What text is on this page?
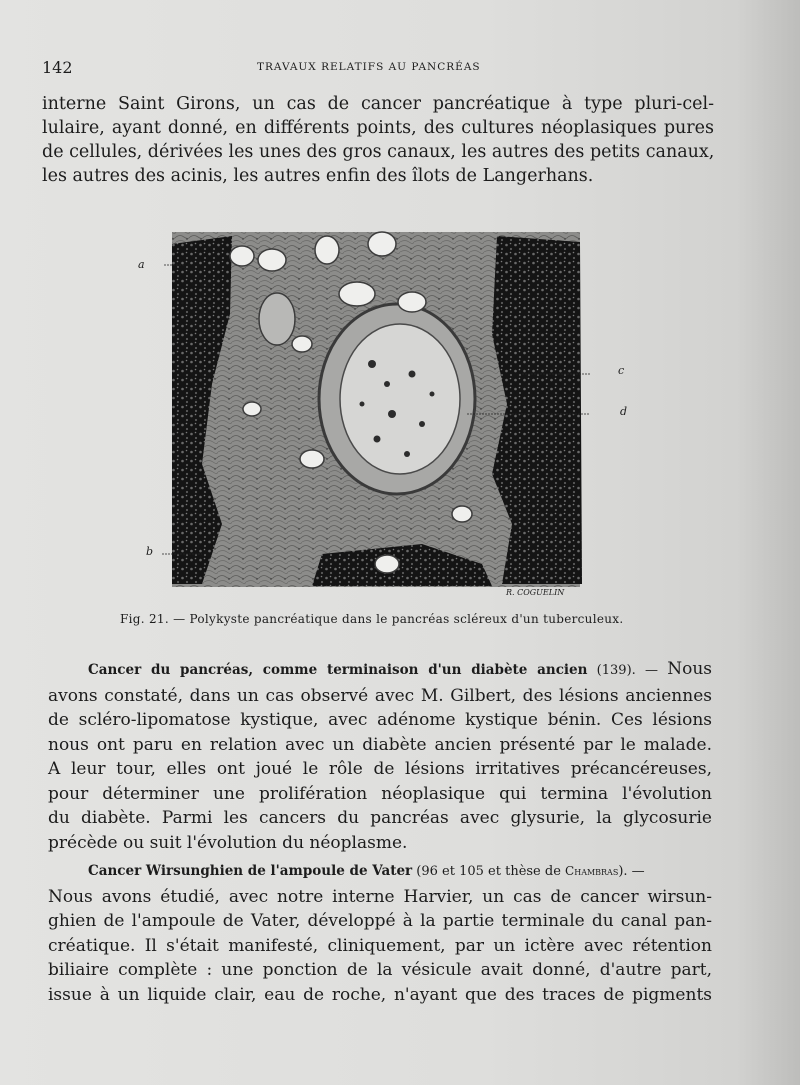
142	TRAVAUX RELATIFS AU PANCRÉAS
interne Saint Girons, un cas de cancer pancréatique à type pluri-cel-
lulaire, ayant donné, en différents points, des cultures néoplasiques pures
de cellules, dérivées les unes des gros canaux, les autres des petits canaux,
les autres des acinis, les autres enfin des îlots de Langerhans.
a
b
c
d
R. COGUELIN
Fig. 21. — Polykyste pancréatique dans le pancréas scléreux d'un tuberculeux.
Cancer du pancréas, comme terminaison d'un diabète ancien (139). — Nous
avons constaté, dans un cas observé avec M. Gilbert, des lésions anciennes
de scléro-lipomatose kystique, avec adénome kystique bénin. Ces lésions
nous ont paru en relation avec un diabète ancien présenté par le malade.
A leur tour, elles ont joué le rôle de lésions irritatives précancéreuses,
pour déterminer une prolifération néoplasique qui termina l'évolution
du diabète. Parmi les cancers du pancréas avec glysurie, la glycosurie
précède ou suit l'évolution du néoplasme.
Cancer Wirsunghien de l'ampoule de Vater (96 et 105 et thèse de Chambras). —
Nous avons étudié, avec notre interne Harvier, un cas de cancer wirsun-
ghien de l'ampoule de Vater, développé à la partie terminale du canal pan-
créatique. Il s'était manifesté, cliniquement, par un ictère avec rétention
biliaire complète : une ponction de la vésicule avait donné, d'autre part,
issue à un liquide clair, eau de roche, n'ayant que des traces de pigments
